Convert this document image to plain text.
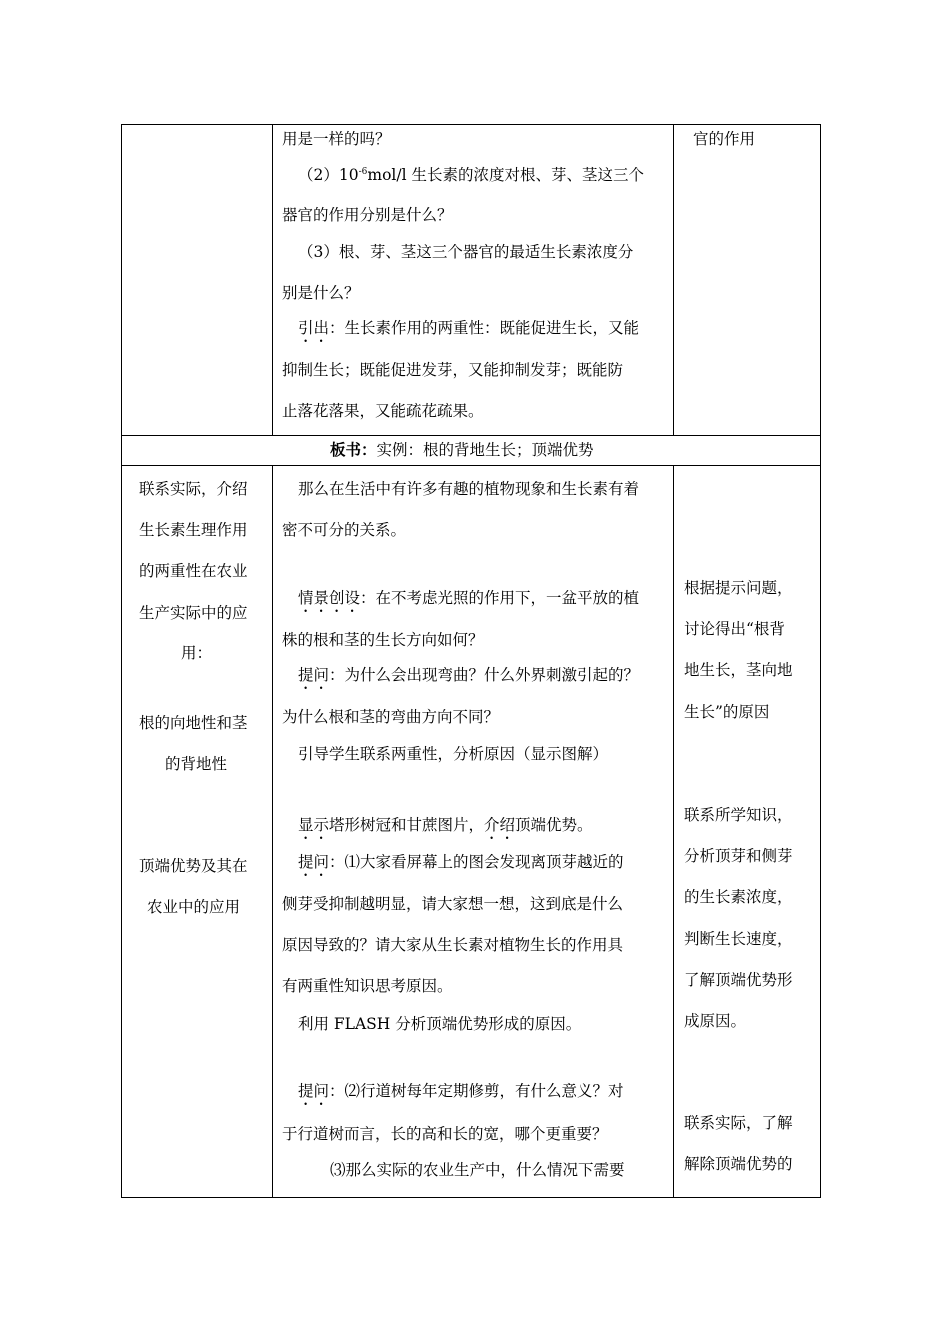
用是一样的吗？
$(2)10^{-6}mol/l$ 生长素的浓度对根、芽、茎这三个
器官的作用分别是什么？
（3）根、芽、茎这三个器官的最适生长素浓度分
别是什么？
引出：生长素作用的两重性：既能促进生长，又能
抑制生长；既能促进发芽，又能抑制发芽；既能防
止落花落果，又能疏花疏果。
官的作用
板书：实例：根的背地生长；顶端优势
联系实际，介绍
生长素生理作用
的两重性在农业
生产实际中的应
用：
根的向地性和茎
的背地性
顶端优势及其在
农业中的应用
那么在生活中有许多有趣的植物现象和生长素有着
密不可分的关系。
情景创设：在不考虑光照的作用下，一盆平放的植
株的根和茎的生长方向如何？
提问：为什么会出现弯曲？什么外界刺激引起的？
为什么根和茎的弯曲方向不同？
引导学生联系两重性，分析原因（显示图解）
显示塔形树冠和甘蔗图片，介绍顶端优势。
提问：⑴大家看屏幕上的图会发现离顶芽越近的
侧芽受抑制越明显，请大家想一想，这到底是什么
原因导致的？请大家从生长素对植物生长的作用具
有两重性知识思考原因。
利用 FLASH 分析顶端优势形成的原因。
提问：⑵行道树每年定期修剪，有什么意义？对
于行道树而言，长的高和长的宽，哪个更重要？
⑶那么实际的农业生产中，什么情况下需要
根据提示问题，
讨论得出“根背
地生长，茎向地
生长”的原因
联系所学知识，
分析顶芽和侧芽
的生长素浓度，
判断生长速度，
了解顶端优势形
成原因。
联系实际，了解
解除顶端优势的
